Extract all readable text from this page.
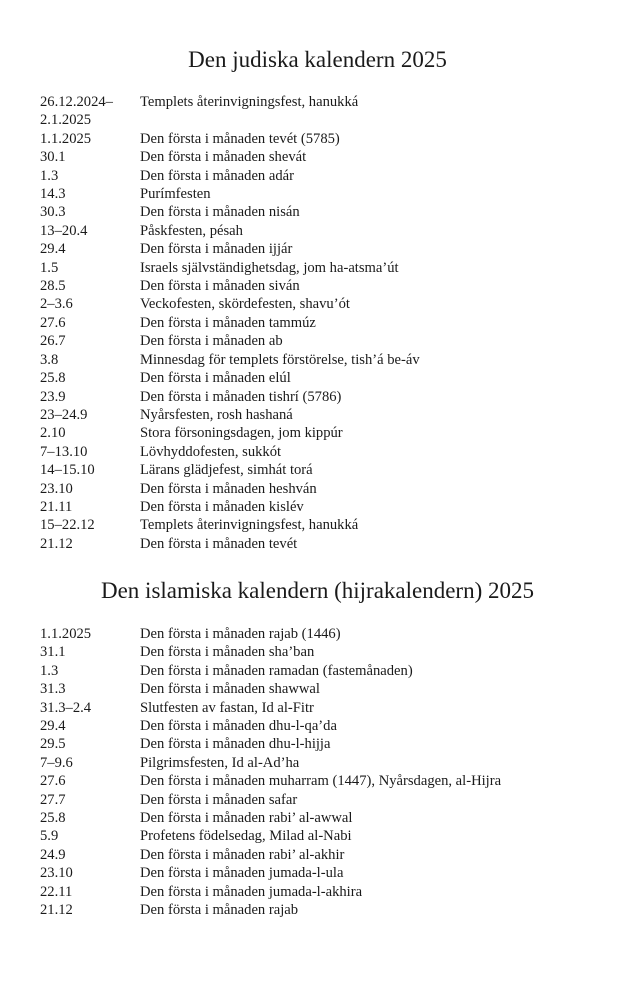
Den judiska kalendern 2025
26.12.2024–	Templets återinvigningsfest, hanukká
2.1.2025
1.1.2025	Den första i månaden tevét (5785)
30.1	Den första i månaden shevát
1.3	Den första i månaden adár
14.3	Purímfesten
30.3	Den första i månaden nisán
13–20.4	Påskfesten, pésah
29.4	Den första i månaden ijjár
1.5	Israels självständighetsdag, jom ha-atsma’út
28.5	Den första i månaden siván
2–3.6	Veckofesten, skördefesten, shavu’ót
27.6	Den första i månaden tammúz
26.7	Den första i månaden ab
3.8	Minnesdag för templets förstörelse, tish’á be-áv
25.8	Den första i månaden elúl
23.9	Den första i månaden tishrí (5786)
23–24.9	Nyårsfesten, rosh hashaná
2.10	Stora försoningsdagen, jom kippúr
7–13.10	Lövhyddofesten, sukkót
14–15.10	Lärans glädjefest, simhát torá
23.10	Den första i månaden heshván
21.11	Den första i månaden kislév
15–22.12	Templets återinvigningsfest, hanukká
21.12	Den första i månaden tevét
Den islamiska kalendern (hijrakalendern) 2025
1.1.2025	Den första i månaden rajab (1446)
31.1	Den första i månaden sha’ban
1.3	Den första i månaden ramadan (fastemånaden)
31.3	Den första i månaden shawwal
31.3–2.4	Slutfesten av fastan, Id al-Fitr
29.4	Den första i månaden dhu-l-qa’da
29.5	Den första i månaden dhu-l-hijja
7–9.6	Pilgrimsfesten, Id al-Ad’ha
27.6	Den första i månaden muharram (1447), Nyårsdagen, al-Hijra
27.7	Den första i månaden safar
25.8	Den första i månaden rabi’ al-awwal
5.9	Profetens födelsedag, Milad al-Nabi
24.9	Den första i månaden rabi’ al-akhir
23.10	Den första i månaden jumada-l-ula
22.11	Den första i månaden jumada-l-akhira
21.12	Den första i månaden rajab
